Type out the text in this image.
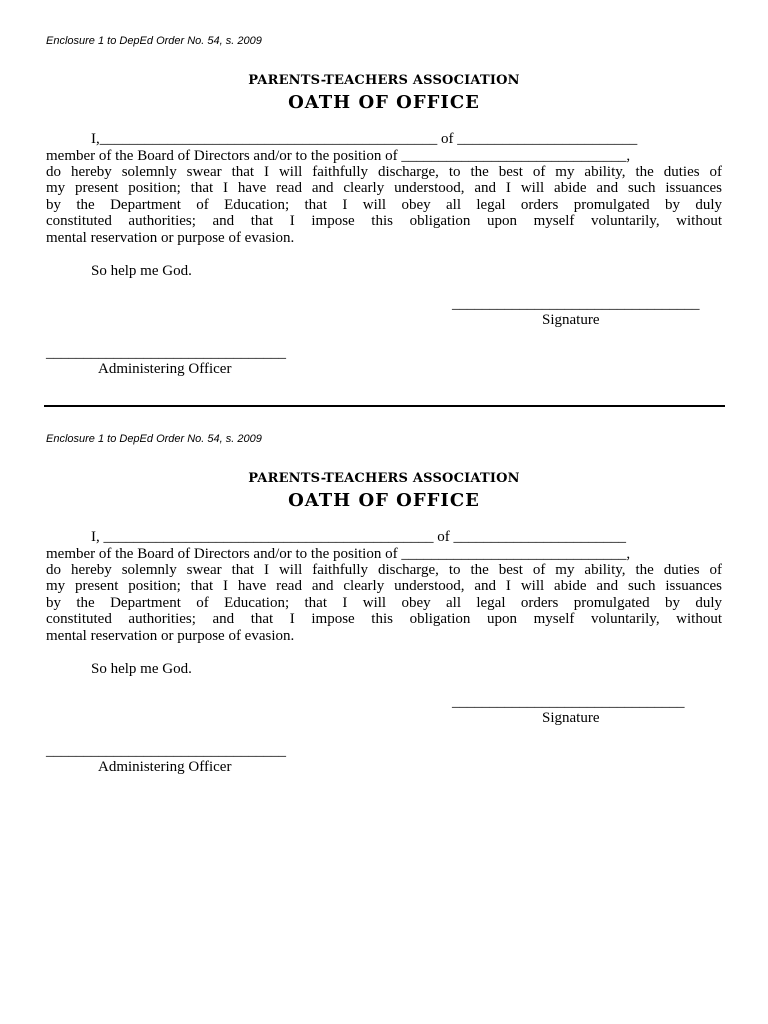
Enclosure 1 to DepEd Order No. 54, s. 2009
PARENTS-TEACHERS ASSOCIATION
OATH OF OFFICE
I,_____________________________________________ of ________________________
member of the Board of Directors and/or to the position of ______________________________,
do hereby solemnly swear that I will faithfully discharge, to the best of my ability, the duties of
my present position; that I have read and clearly understood, and I will abide and such issuances
by the Department of Education; that I will obey all legal orders promulgated by duly
constituted authorities; and that I impose this obligation upon myself voluntarily, without
mental reservation or purpose of evasion.
So help me God.
_________________________________
Signature
________________________________
Administering Officer
Enclosure 1 to DepEd Order No. 54, s. 2009
PARENTS-TEACHERS ASSOCIATION
OATH OF OFFICE
I, ____________________________________________ of _______________________
member of the Board of Directors and/or to the position of ______________________________,
do hereby solemnly swear that I will faithfully discharge, to the best of my ability, the duties of
my present position; that I have read and clearly understood, and I will abide and such issuances
by the Department of Education; that I will obey all legal orders promulgated by duly
constituted authorities; and that I impose this obligation upon myself voluntarily, without
mental reservation or purpose of evasion.
So help me God.
_______________________________
Signature
________________________________
Administering Officer
